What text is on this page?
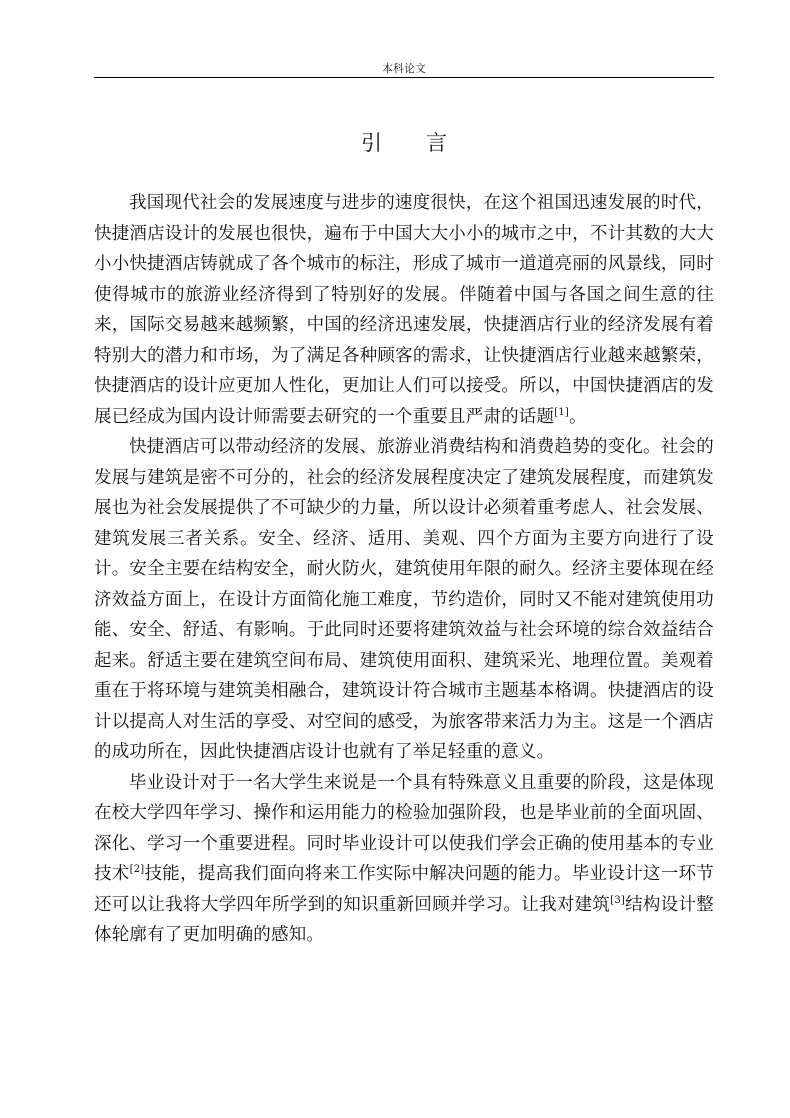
本科论文
引言

我国现代社会的发展速度与进步的速度很快，在这个祖国迅速发展的时代，快捷酒店设计的发展也很快，遍布于中国大大小小的城市之中，不计其数的大大小小快捷酒店铸就成了各个城市的标注，形成了城市一道道亮丽的风景线，同时使得城市的旅游业经济得到了特别好的发展。伴随着中国与各国之间生意的往来，国际交易越来越频繁，中国的经济迅速发展，快捷酒店行业的经济发展有着特别大的潜力和市场，为了满足各种顾客的需求，让快捷酒店行业越来越繁荣，快捷酒店的设计应更加人性化，更加让人们可以接受。所以，中国快捷酒店的发展已经成为国内设计师需要去研究的一个重要且严肃的话题[1]。

快捷酒店可以带动经济的发展、旅游业消费结构和消费趋势的变化。社会的发展与建筑是密不可分的，社会的经济发展程度决定了建筑发展程度，而建筑发展也为社会发展提供了不可缺少的力量，所以设计必须着重考虑人、社会发展、建筑发展三者关系。安全、经济、适用、美观、四个方面为主要方向进行了设计。安全主要在结构安全，耐火防火，建筑使用年限的耐久。经济主要体现在经济效益方面上，在设计方面简化施工难度，节约造价，同时又不能对建筑使用功能、安全、舒适、有影响。于此同时还要将建筑效益与社会环境的综合效益结合起来。舒适主要在建筑空间布局、建筑使用面积、建筑采光、地理位置。美观着重在于将环境与建筑美相融合，建筑设计符合城市主题基本格调。快捷酒店的设计以提高人对生活的享受、对空间的感受，为旅客带来活力为主。这是一个酒店的成功所在，因此快捷酒店设计也就有了举足轻重的意义。

毕业设计对于一名大学生来说是一个具有特殊意义且重要的阶段，这是体现在校大学四年学习、操作和运用能力的检验加强阶段，也是毕业前的全面巩固、深化、学习一个重要进程。同时毕业设计可以使我们学会正确的使用基本的专业技术[2]技能，提高我们面向将来工作实际中解决问题的能力。毕业设计这一环节还可以让我将大学四年所学到的知识重新回顾并学习。让我对建筑[3]结构设计整体轮廓有了更加明确的感知。
